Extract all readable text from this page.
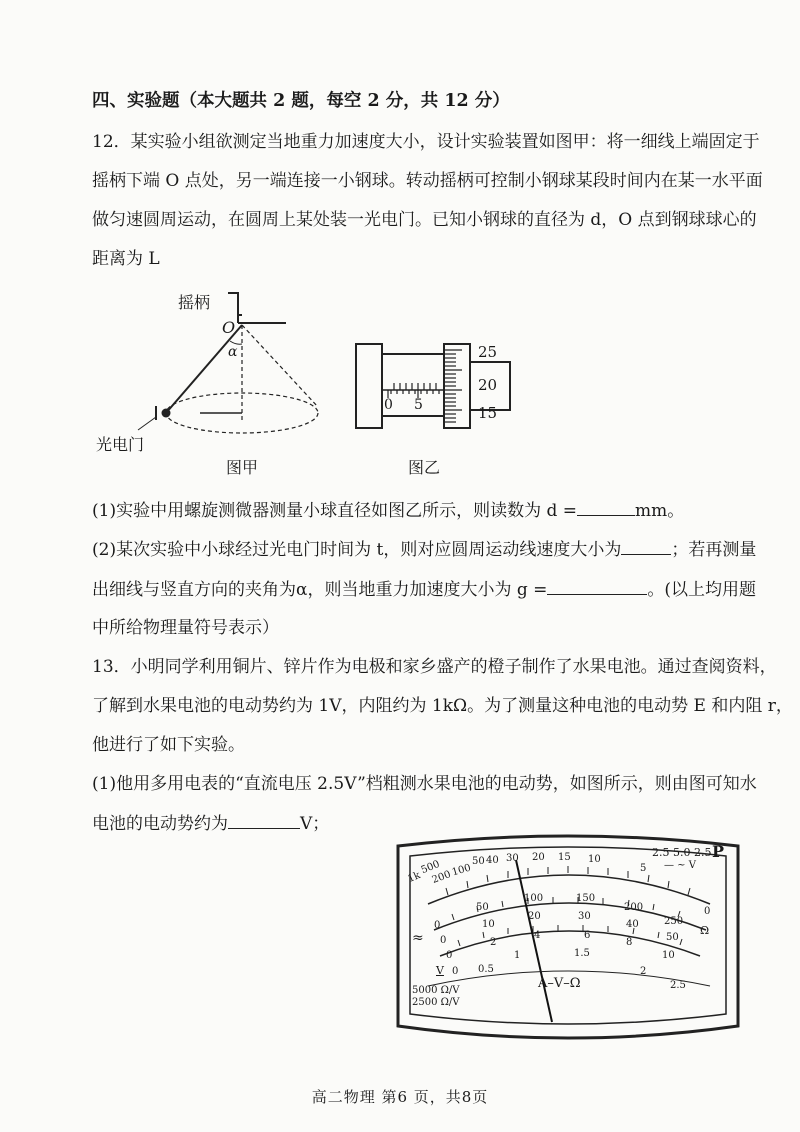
四、实验题（本大题共 2 题，每空 2 分，共 12 分）
12．某实验小组欲测定当地重力加速度大小，设计实验装置如图甲：将一细线上端固定于
摇柄下端 O 点处，另一端连接一小钢球。转动摇柄可控制小钢球某段时间内在某一水平面
做匀速圆周运动，在圆周上某处装一光电门。已知小钢球的直径为 d，O 点到钢球球心的
距离为 L
摇柄
O
α
光电门
图甲
0 5
25
20
15
图乙
(1)实验中用螺旋测微器测量小球直径如图乙所示，则读数为 d =	mm。
(2)某次实验中小球经过光电门时间为 t，则对应圆周运动线速度大小为	；若再测量
出细线与竖直方向的夹角为α，则当地重力加速度大小为 g =	。(以上均用题
中所给物理量符号表示）
13．小明同学利用铜片、锌片作为电极和家乡盛产的橙子制作了水果电池。通过查阅资料，
了解到水果电池的电动势约为 1V，内阻约为 1kΩ。为了测量这种电池的电动势 E 和内阻 r，
他进行了如下实验。
(1)他用多用电表的“直流电压 2.5V”档粗测水果电池的电动势，如图所示，则由图可知水
电池的电动势约为	V；
1k
500
200
100
50 40 30 20 15 10
5
0
0
50
100	150
200
250
0
10
20	30
40
50
0
2
4	6
8
10
0 0.5
1	1.5
2
2.5
2.5 5.0 2.5 P
— ~ V
Ω
≈
V
A–V–Ω
5000 Ω/V
2500 Ω/V
高二物理 第6 页，共8页
